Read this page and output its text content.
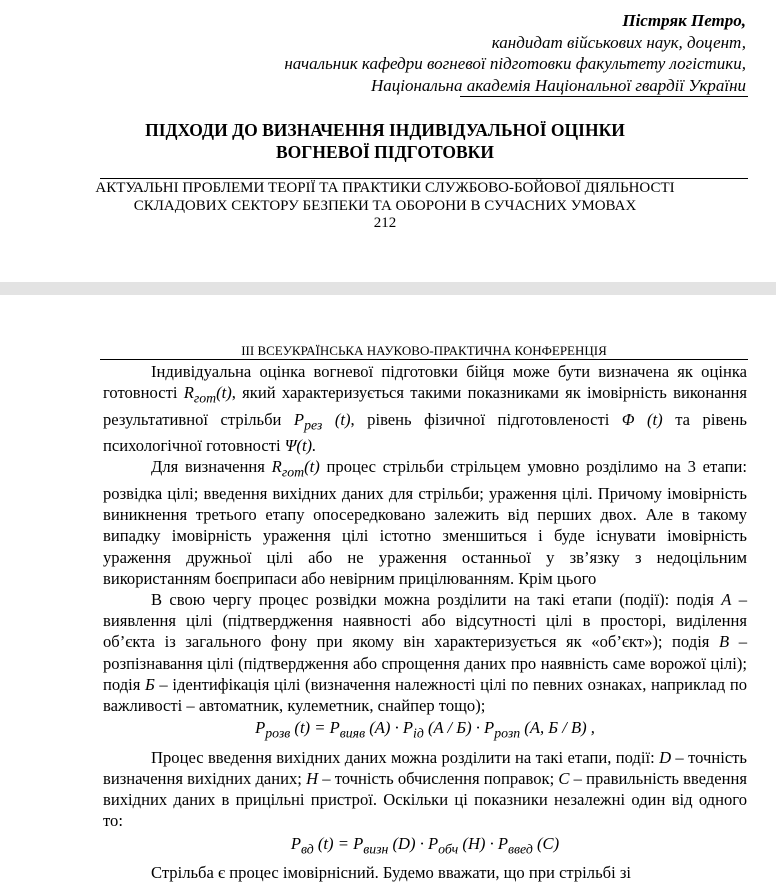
Пістряк Петро,
кандидат військових наук, доцент,
начальник кафедри вогневої підготовки факультету логістики,
Національна академія Національної гвардії України
ПІДХОДИ ДО ВИЗНАЧЕННЯ ІНДИВІДУАЛЬНОЇ ОЦІНКИ
ВОГНЕВОЇ ПІДГОТОВКИ
АКТУАЛЬНІ ПРОБЛЕМИ ТЕОРІЇ ТА ПРАКТИКИ СЛУЖБОВО-БОЙОВОЇ ДІЯЛЬНОСТІ
СКЛАДОВИХ СЕКТОРУ БЕЗПЕКИ ТА ОБОРОНИ В СУЧАСНИХ УМОВАХ
212
ІІІ ВСЕУКРАЇНСЬКА НАУКОВО-ПРАКТИЧНА КОНФЕРЕНЦІЯ

Індивідуальна оцінка вогневої підготовки бійця може бути визначена як оцінка готовності $R_{гот}(t)$, який характеризується такими показниками як імовірність виконання результативної стрільби $P_{рез}$ (t), рівень фізичної підготовленості Φ (t) та рівень психологічної готовності Ψ(t).

Для визначення $R_{гот}(t)$ процес стрільби стрільцем умовно розділимо на 3 етапи: розвідка цілі; введення вихідних даних для стрільби; ураження цілі. Причому імовірність виникнення третього етапу опосередковано залежить від перших двох. Але в такому випадку імовірність ураження цілі істотно зменшиться і буде існувати імовірність ураження дружньої цілі або не ураження останньої у зв’язку з недоцільним використанням боєприпаси або невірним прицілюванням. Крім цього

В свою чергу процес розвідки можна розділити на такі етапи (події): подія А – виявлення цілі (підтвердження наявності або відсутності цілі в просторі, виділення об’єкта із загального фону при якому він характеризується як «об’єкт»); подія В – розпізнавання цілі (підтвердження або спрощення даних про наявність саме ворожої цілі); подія Б – ідентифікація цілі (визначення належності цілі по певних ознаках, наприклад по важливості – автоматник, кулеметник, снайпер тощо);

$P_{розв}$ $(t) = P_{вияв}$ $(A) \cdot P_{ід}$ $(A / Б) \cdot P_{розп}$ (A, Б / B) ,

Процес введення вихідних даних можна розділити на такі етапи, події: D – точність визначення вихідних даних; H – точність обчислення поправок; C – правильність введення вихідних даних в прицільні пристрої. Оскільки ці показники незалежні один від одного то:

$P_{вд}$ $(t) = P_{визн}$ $(D) \cdot P_{обч}$ $(H) \cdot P_{введ}$ (C)

Стрільба є процес імовірнісний. Будемо вважати, що при стрільбі зі
